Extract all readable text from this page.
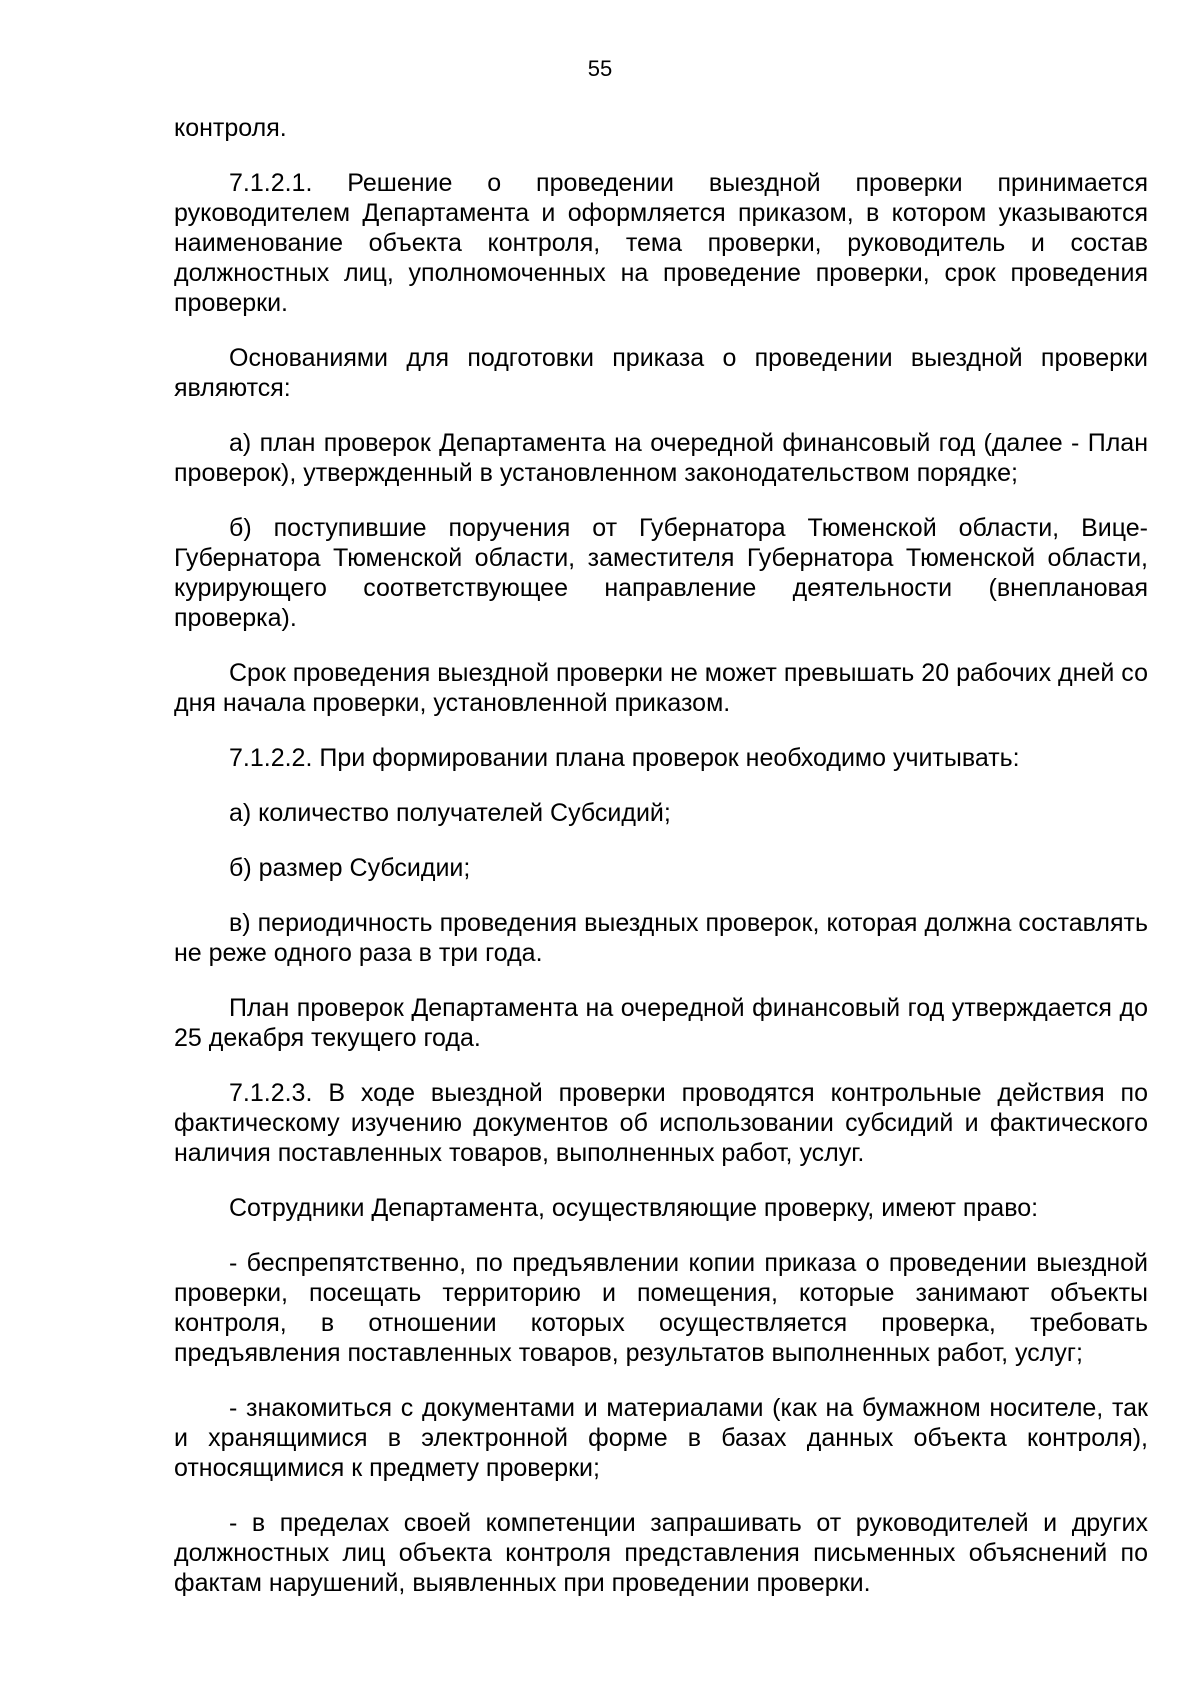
55

контроля.

7.1.2.1. Решение о проведении выездной проверки принимается руководителем Департамента и оформляется приказом, в котором указываются наименование объекта контроля, тема проверки, руководитель и состав должностных лиц, уполномоченных на проведение проверки, срок проведения проверки.

Основаниями для подготовки приказа о проведении выездной проверки являются:

а) план проверок Департамента на очередной финансовый год (далее - План проверок), утвержденный в установленном законодательством порядке;

б) поступившие поручения от Губернатора Тюменской области, Вице-Губернатора Тюменской области, заместителя Губернатора Тюменской области, курирующего соответствующее направление деятельности (внеплановая проверка).

Срок проведения выездной проверки не может превышать 20 рабочих дней со дня начала проверки, установленной приказом.

7.1.2.2. При формировании плана проверок необходимо учитывать:

а) количество получателей Субсидий;

б) размер Субсидии;

в) периодичность проведения выездных проверок, которая должна составлять не реже одного раза в три года.

План проверок Департамента на очередной финансовый год утверждается до 25 декабря текущего года.

7.1.2.3. В ходе выездной проверки проводятся контрольные действия по фактическому изучению документов об использовании субсидий и фактического наличия поставленных товаров, выполненных работ, услуг.

Сотрудники Департамента, осуществляющие проверку, имеют право:

- беспрепятственно, по предъявлении копии приказа о проведении выездной проверки, посещать территорию и помещения, которые занимают объекты контроля, в отношении которых осуществляется проверка, требовать предъявления поставленных товаров, результатов выполненных работ, услуг;

- знакомиться с документами и материалами (как на бумажном носителе, так и хранящимися в электронной форме в базах данных объекта контроля), относящимися к предмету проверки;

- в пределах своей компетенции запрашивать от руководителей и других должностных лиц объекта контроля представления письменных объяснений по фактам нарушений, выявленных при проведении проверки.
